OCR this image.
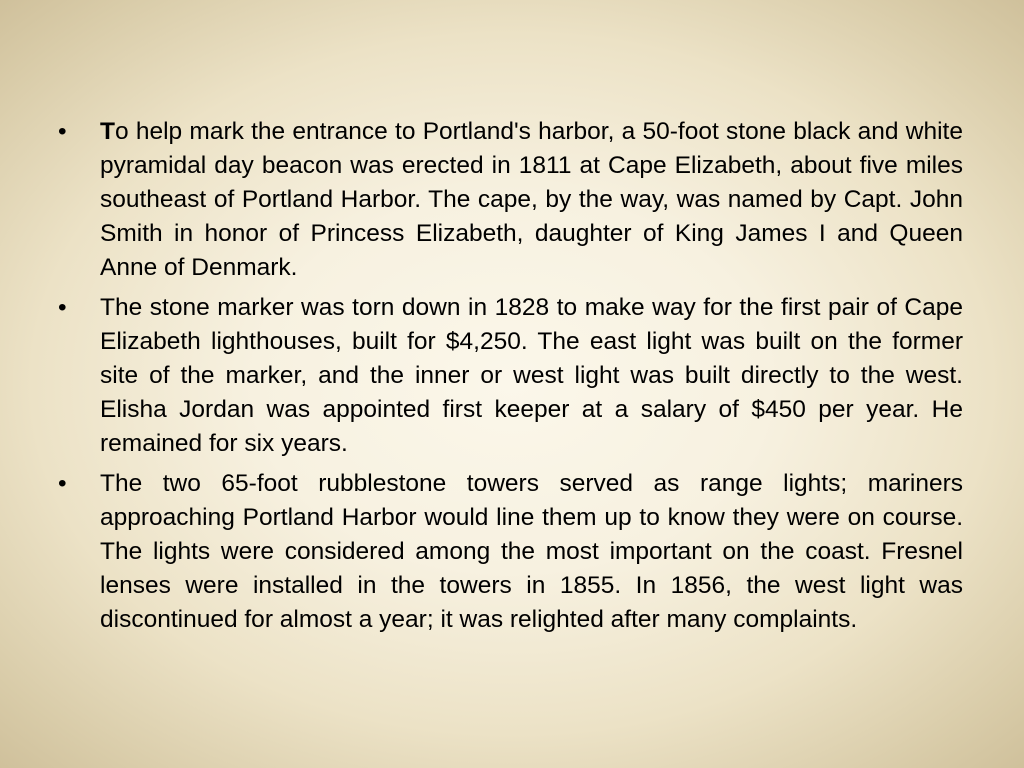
•	To help mark the entrance to Portland's harbor, a 50-foot stone black and white pyramidal day beacon was erected in 1811 at Cape Elizabeth, about five miles southeast of Portland Harbor. The cape, by the way, was named by Capt. John Smith in honor of Princess Elizabeth, daughter of King James I and Queen Anne of Denmark.
•	The stone marker was torn down in 1828 to make way for the first pair of Cape Elizabeth lighthouses, built for $4,250. The east light was built on the former site of the marker, and the inner or west light was built directly to the west. Elisha Jordan was appointed first keeper at a salary of $450 per year. He remained for six years.
•	The two 65-foot rubblestone towers served as range lights; mariners approaching Portland Harbor would line them up to know they were on course. The lights were considered among the most important on the coast. Fresnel lenses were installed in the towers in 1855. In 1856, the west light was discontinued for almost a year; it was relighted after many complaints.
